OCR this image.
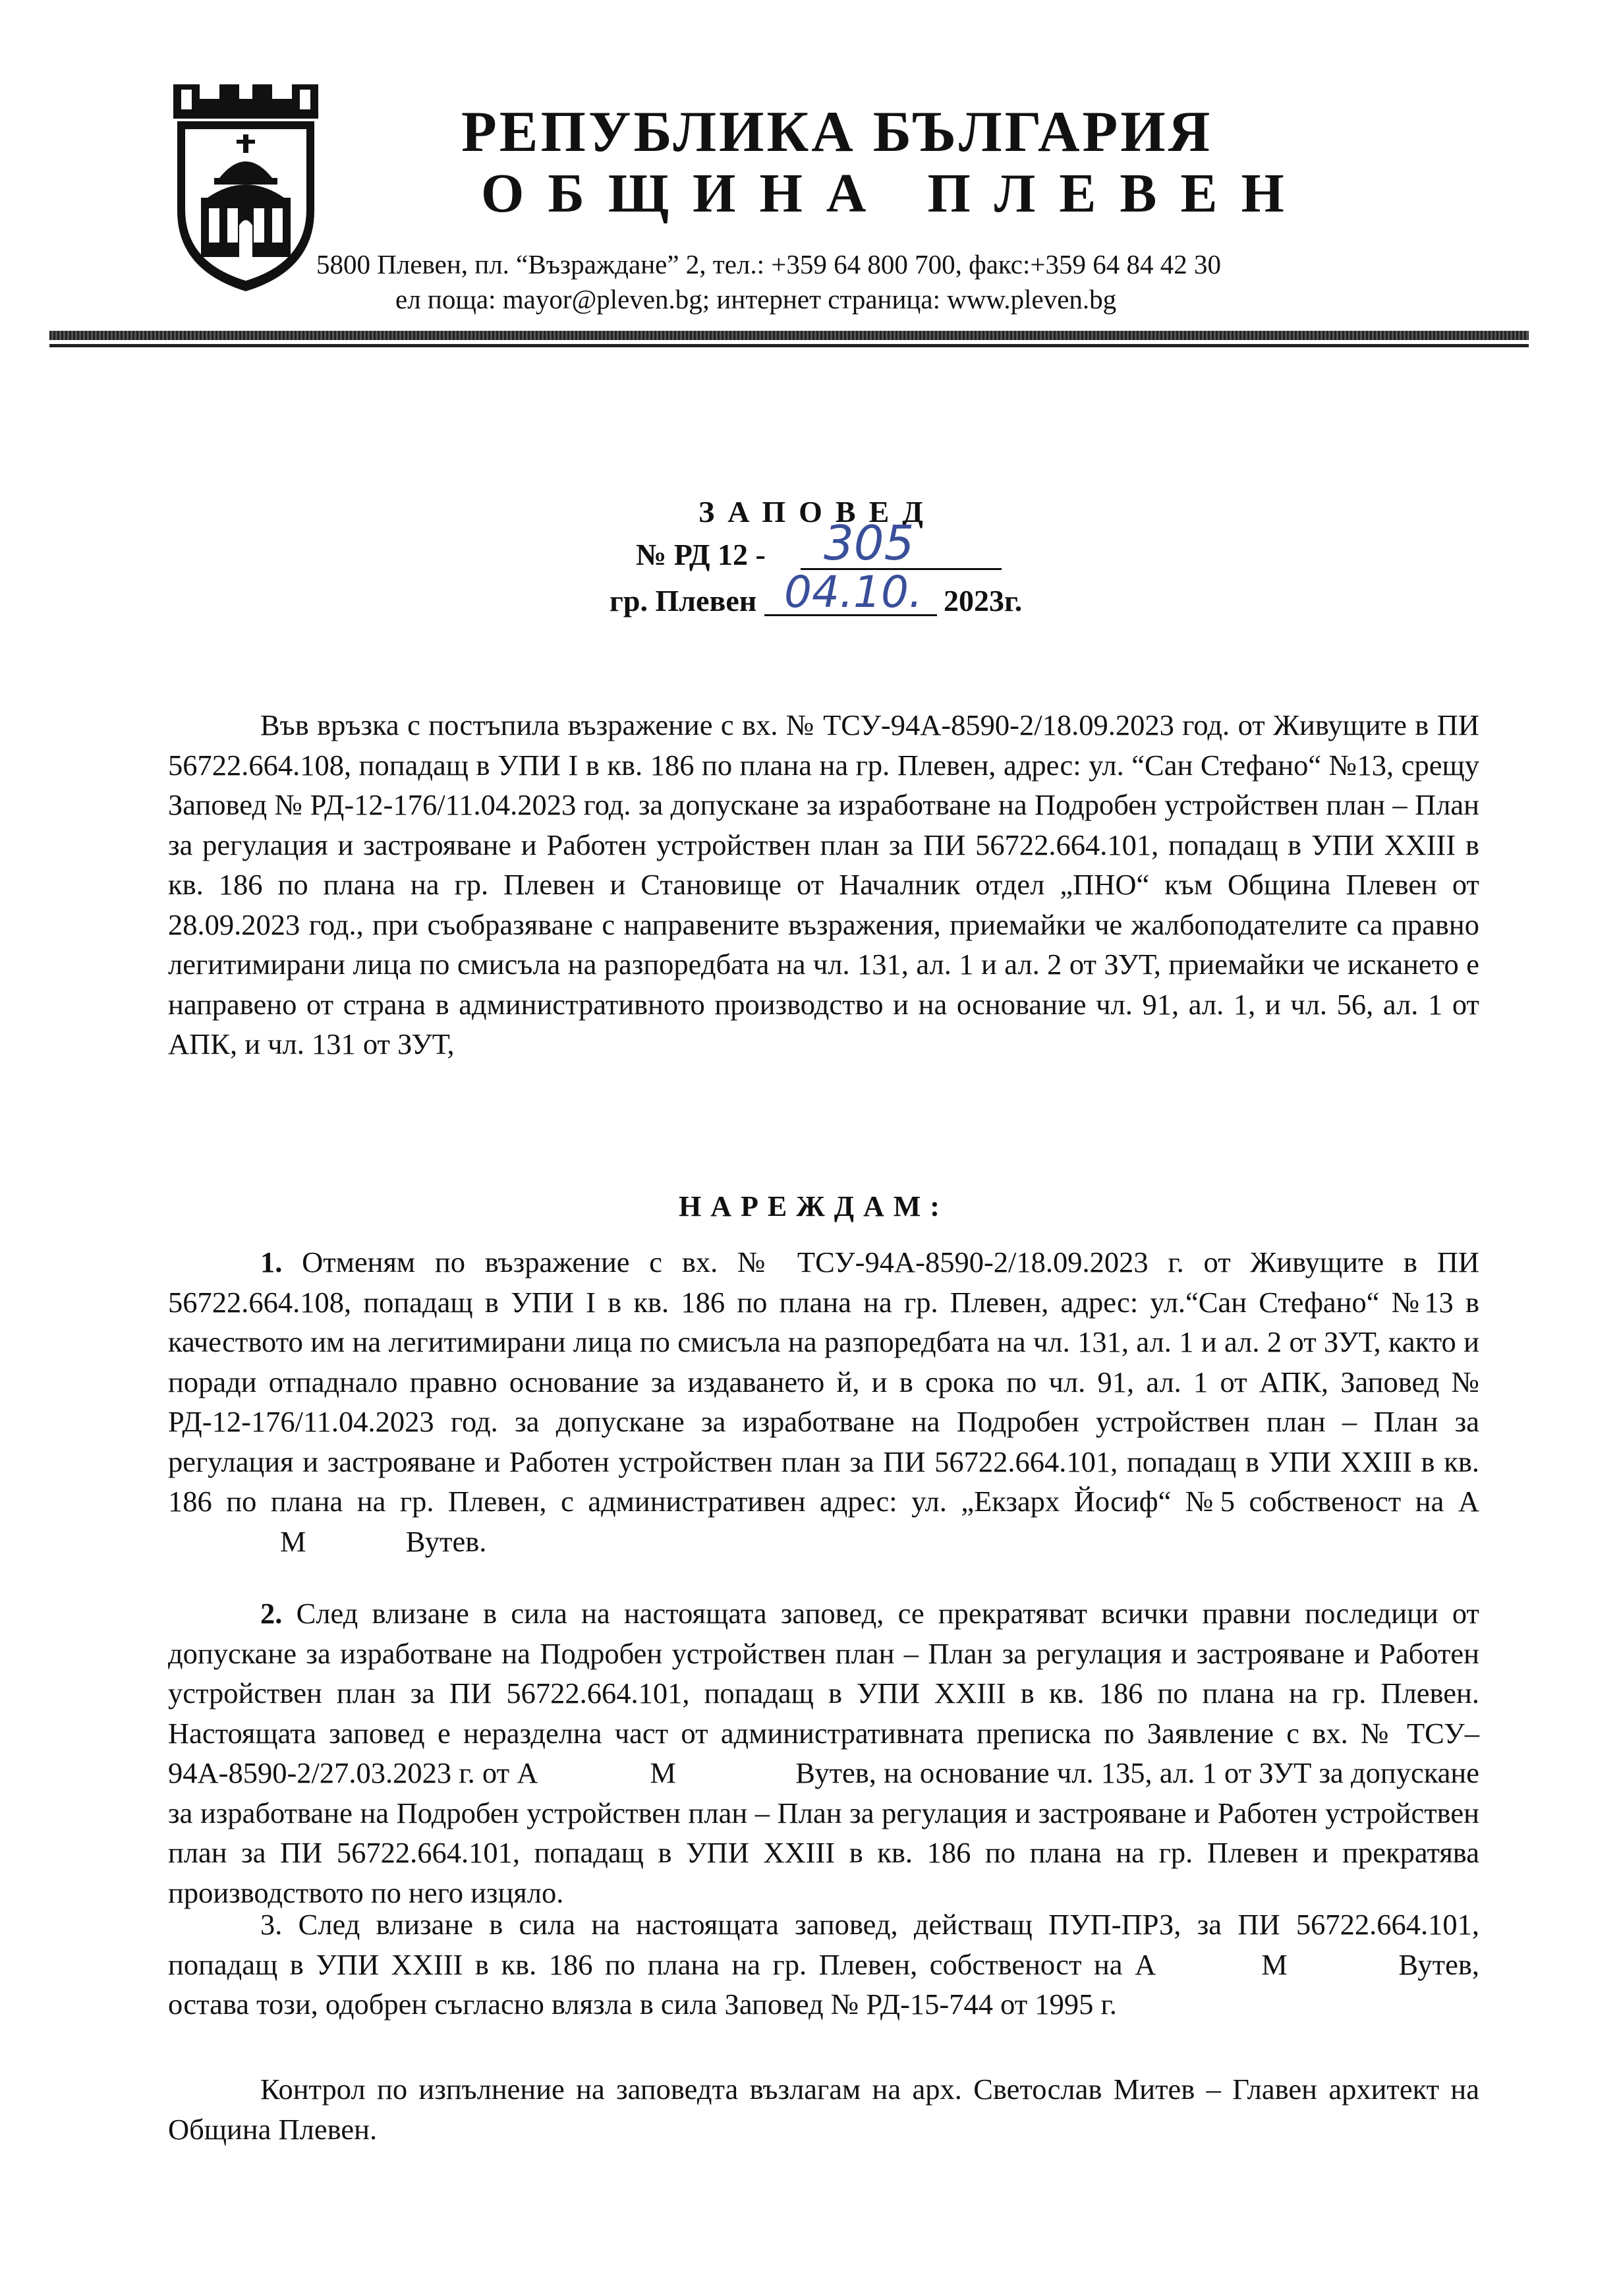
РЕПУБЛИКА БЪЛГАРИЯ
ОБЩИНА ПЛЕВЕН
5800 Плевен, пл. “Възраждане” 2, тел.: +359 64 800 700, факс:+359 64 84 42 30
ел поща: mayor@pleven.bg; интернет страница: www.pleven.bg
ЗАПОВЕД
№ РД 12 - 305
гр. Плевен 04.10. 2023г.
Във връзка с постъпила възражение с вх. № ТСУ-94А-8590-2/18.09.2023 год. от Живущите в ПИ 56722.664.108, попадащ в УПИ I в кв. 186 по плана на гр. Плевен, адрес: ул. “Сан Стефано“ №13, срещу Заповед № РД-12-176/11.04.2023 год. за допускане за изработване на Подробен устройствен план – План за регулация и застрояване и Работен устройствен план за ПИ 56722.664.101, попадащ в УПИ XXIII в кв. 186 по плана на гр. Плевен и Становище от Началник отдел „ПНО“ към Община Плевен от 28.09.2023 год., при съобразяване с направените възражения, приемайки че жалбоподателите са правно легитимирани лица по смисъла на разпоредбата на чл. 131, ал. 1 и ал. 2 от ЗУТ, приемайки че искането е направено от страна в административното производство и на основание чл. 91, ал. 1, и чл. 56, ал. 1 от АПК, и чл. 131 от ЗУТ,
НАРЕЖДАМ:
1. Отменям по възражение с вх. № ТСУ-94А-8590-2/18.09.2023 г. от Живущите в ПИ 56722.664.108, попадащ в УПИ I в кв. 186 по плана на гр. Плевен, адрес: ул.“Сан Стефано“ №13 в качеството им на легитимирани лица по смисъла на разпоредбата на чл. 131, ал. 1 и ал. 2 от ЗУТ, както и поради отпаднало правно основание за издаването й, и в срока по чл. 91, ал. 1 от АПК, Заповед № РД-12-176/11.04.2023 год. за допускане за изработване на Подробен устройствен план – План за регулация и застрояване и Работен устройствен план за ПИ 56722.664.101, попадащ в УПИ XXIII в кв. 186 по плана на гр. Плевен, с административен адрес: ул. „Екзарх Йосиф“ №5 собственост на АМ	Вутев.
2. След влизане в сила на настоящата заповед, се прекратяват всички правни последици от допускане за изработване на Подробен устройствен план – План за регулация и застрояване и Работен устройствен план за ПИ 56722.664.101, попадащ в УПИ XXIII в кв. 186 по плана на гр. Плевен. Настоящата заповед е неразделна част от административната преписка по Заявление с вх. № ТСУ–94А-8590-2/27.03.2023 г. от А	М	Вутев, на основание чл. 135, ал. 1 от ЗУТ за допускане за изработване на Подробен устройствен план – План за регулация и застрояване и Работен устройствен план за ПИ 56722.664.101, попадащ в УПИ XXIII в кв. 186 по плана на гр. Плевен и прекратява производството по него изцяло.
3. След влизане в сила на настоящата заповед, действащ ПУП-ПРЗ, за ПИ 56722.664.101, попадащ в УПИ XXIII в кв. 186 по плана на гр. Плевен, собственост на А	М	Вутев, остава този, одобрен съгласно влязла в сила Заповед № РД-15-744 от 1995 г.
Контрол по изпълнение на заповедта възлагам на арх. Светослав Митев – Главен архитект на Община Плевен.
